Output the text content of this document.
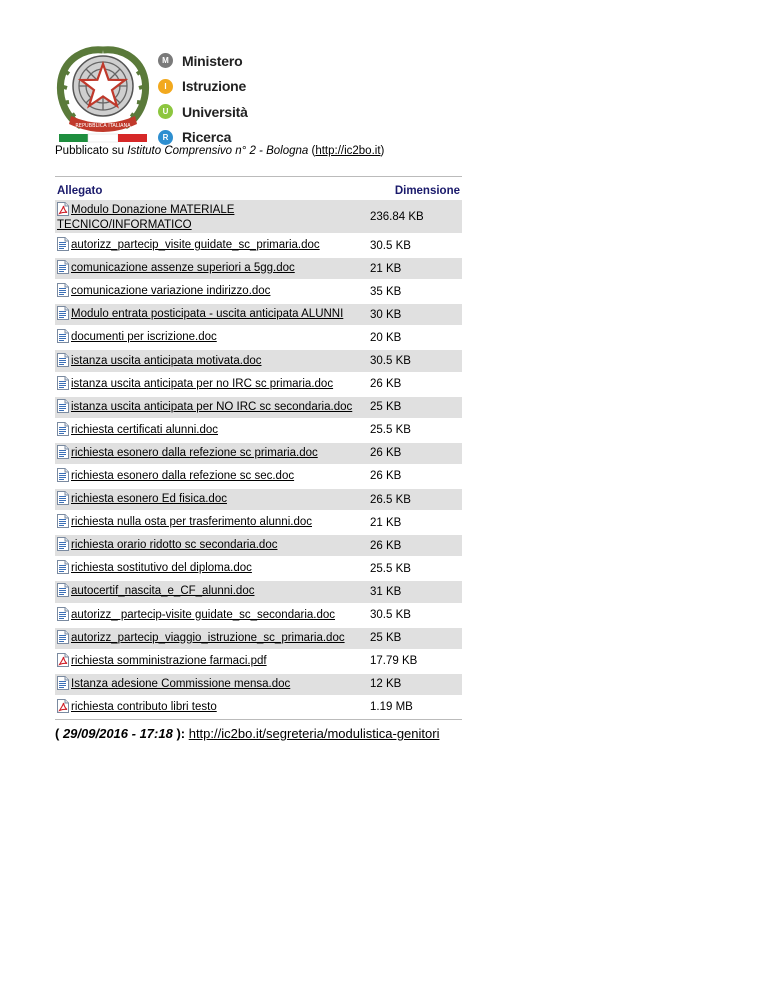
REPUBBLICA ITALIANA
M Ministero
I	Istruzione
U Università
R Ricerca
Pubblicato su Istituto Comprensivo n° 2 - Bologna (http://ic2bo.it)
Allegato	Dimensione
Modulo Donazione MATERIALE TECNICO/INFORMATICO	236.84 KB
autorizz_partecip_visite guidate_sc_primaria.doc	30.5 KB
comunicazione assenze superiori a 5gg.doc	21 KB
comunicazione variazione indirizzo.doc	35 KB
Modulo entrata posticipata - uscita anticipata ALUNNI	30 KB
documenti per iscrizione.doc	20 KB
istanza uscita anticipata motivata.doc	30.5 KB
istanza uscita anticipata per no IRC sc primaria.doc	26 KB
istanza uscita anticipata per NO IRC sc secondaria.doc	25 KB
richiesta certificati alunni.doc	25.5 KB
richiesta esonero dalla refezione sc primaria.doc	26 KB
richiesta esonero dalla refezione sc sec.doc	26 KB
richiesta esonero Ed fisica.doc	26.5 KB
richiesta nulla osta per trasferimento alunni.doc	21 KB
richiesta orario ridotto sc secondaria.doc	26 KB
richiesta sostitutivo del diploma.doc	25.5 KB
autocertif_nascita_e_CF_alunni.doc	31 KB
autorizz_ partecip-visite guidate_sc_secondaria.doc	30.5 KB
autorizz_partecip_viaggio_istruzione_sc_primaria.doc	25 KB
richiesta somministrazione farmaci.pdf	17.79 KB
Istanza adesione Commissione mensa.doc	12 KB
richiesta contributo libri testo	1.19 MB
( 29/09/2016 - 17:18 ): http://ic2bo.it/segreteria/modulistica-genitori
